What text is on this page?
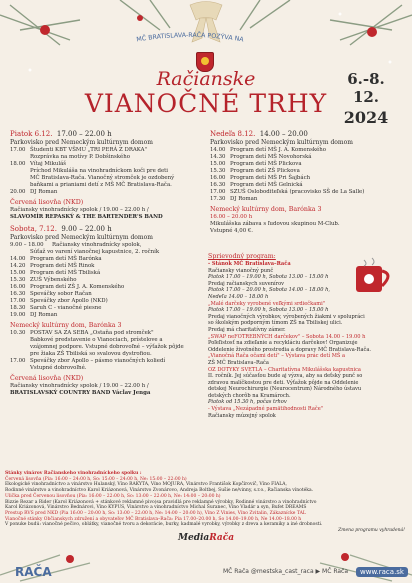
MČ BRATISLAVA-RAČA POZÝVA NA
Račianske
VIANOČNÉ TRHY
6.-8. 12.
2024
Piatok 6.12. 17.00 – 22.00 h
Parkovisko pred Nemeckým kultúrnym domom
17.00 Študenti KBT VŠMU „TRI PERÁ Z DRAKA"
Rozprávka na motívy P. Dobšinského
18.00 Vítaj Mikuláš
Príchod Mikuláša na vinohradníckom koči pre deti
MČ Bratislava-Rača. Vianočný stromček je ozdobený
baňkami a prianiami detí z MŠ MČ Bratislava-Rača.
20.00 DJ Roman
Červená lisovňa (NKD)
Račiansky vinohradnícky spolok / 19.00 – 22.00 h /
SLAVOMÍR REPASKÝ & THE BARTENDER'S BAND
Sobota, 7.12. 9.00 – 22.00 h
Parkovisko pred Nemeckým kultúrnym domom
9.00 – 18.00	Račiansky vinohradnícky spolok,
Súťaž vo varení vianočnej kapustnice, 2. ročník
14.00 Program detí MŠ Barónka
14.20 Program detí MŠ Rinok
15.00 Program detí MŠ Tbiliská
15.30 ZUŠ Výbenského
16.00 Program detí ZŠ J. A. Komenského
16.30 Speváčky sobor Račan
17.00 Speváčky zbor Apollo (NKD)
18.30 Saruh C - vianočné piesne
19.00 DJ Roman
Nemecký kultúrny dom, Barónka 3
10.30 POSTAV SA ZA SEBA „Ostaňa pod stromček"
Babkové predstavenie o Vianociach, prístelove a
vzájomnej podpore. Vstupné dobrovoľné – výťažok pôjde
pre žiaka ZŠ Tbiliská so svalovou dystrofiou.
17.00 Speváčky zbor Apollo – pásmo vianočných koliedí
Vstupné dobrovoľné.
Červená lisovňa (NKD)
Račiansky vinohradnícky spolok / 19.00 – 22.00 h /
BRATISLAVSKÝ COUNTRY BAND Václav Jenga
Nedeľa 8.12. 14.00 – 20.00
Parkovisko pred Nemeckým kultúrnym domom
14.00 Program detí MŠ J. A. Komenského
14.30 Program detí MŠ Novohorská
15.00 Program detí MŠ Plickova
15.30 Program detí ZŠ Plickova
16.00 Program detí MŠ Pri Šajbách
16.30 Program detí MŠ Gelnická
17.00 SZUŠ Osloboditeľská (pracovisko SŠ de La Salle)
17.30 DJ Roman
Nemecký kultúrny dom, Barónka 3
16.00 – 20.00 h
Mikulášska zábava s ľudovou skupinou M-Club.
Vstupné 4,00 €.
Sprievodný program:
- Stánok MČ Bratislava–Rača
Račiansky vianočný punč
Piatok 17.00 – 19.00 h, Sobota 13.00 – 15.00 h
Predaj račianskych suvenírov
Piatok 17.00 – 20.00 h, Sobota 14.00 – 18.00 h,
Nedeľa 14.00 – 18.00 h
„Malé darčeky vyrobené veľkými srdiečkami"
Piatok 17.00 – 19.00 h, Sobota 13.00 – 15.00 h
Predaj vianočných výrobkov, výrobených žiakmi v spolupráci
so školským podporným tímom ZŠ na Tbiliskej ulici.
Predaj má charitatívny zámer.
„SWAP neFOTREBNÝCH darčekov" – Sobota 14.00 – 19.00 h
Poľeľistosť na zdieľanie a recykláciu darčekov! Organizuje
Oddelenie životného prostredia a dopravy MČ Bratislava-Rača.
„Vianočná Rača očami detí" – Výstava prác detí MŠ a
ZŠ MČ Bratislava–Rača
OZ DOTYKY SVETLA – Charitatívna Mikulášska kapustnica
II. ročník. Jej súčasťou bude aj výzva, aby sa deťský punč so
zdravou malíčkostou pre deti. Výťažok pôjde na Oddelenie
detskej Neurochirurgie (Neurocentrum) Národného ústavu
detských chorôb na Kramároch.
Piatok od 15.30 h, počas trhov
- Výstava „Nezápadné pamätihodnosti Rače"
Račiansky múzejný spolok
Stánky vinárov Račianskeho vinohradníckeho spolku :
Červená lisovňa (Pia: 16:00 – 24:00 h, So: 15:00 – 24:00 h, Ne: 15:00 – 22:00 h)
Ekologické vinohradníctvo a vinárstvo Hulanský, Víno RAKYTA, Víno MOJURA, Vinárstvo Františok Kopčírovič, Víno FIALA,
Rodinné vinárstvo a vinohradníctvo Karol Kriázonová, Vinárstvo Zvonárovo, Andreja Boltbej, Sušie ne/vinny, s.r.o., Račianska vínotéka.
Ulička pred Červenou lisovňou (Pia: 16:00 – 22:00 h, So: 13:00 – 22:00 h, Ne: 14:00 – 20:00 h)
Bizzie Rezar a Rider (Karol Kriázonová + stánkové reklamné pivo)sa pravidlá pre reklamné výrobky, Rodinné vinárstvo a vinohradníctvo
Karol Kriázonová, Vinárstvo Bednárovi, Víno KYPUS, Vinárstvo a vinohradníctvo Michal Šuranec, Víno Vladár a syn, Bufet DREAMS
Prestup RVS pred NKD (Pia 16:00 – 20:00 h, So: 13:00 – 22:00 h, Ne: 14:00 – 20:00 h), Víno Z Vinies, Víno Zvitalin, Zákaznícke TAL
Vianočné stánky Občianskych združení a obyvateľov MČ Bratislava–Rača: Pia 17.00–20.00 h, So 14.00–19.00 h, Ne 14.00–18.00 h
V ponuke budú: vianočné pečivo, oblátky, vianočné tvoru a dekorácie, burky, kadmalé vyrobky, výrobky z dreva a keramiky a iné drobnosti.
Zmena programu vyhradená!
MediaRača
RAČA	MČ Rača @mestska_cast_raca ▶ MČ Rača	www.raca.sk
